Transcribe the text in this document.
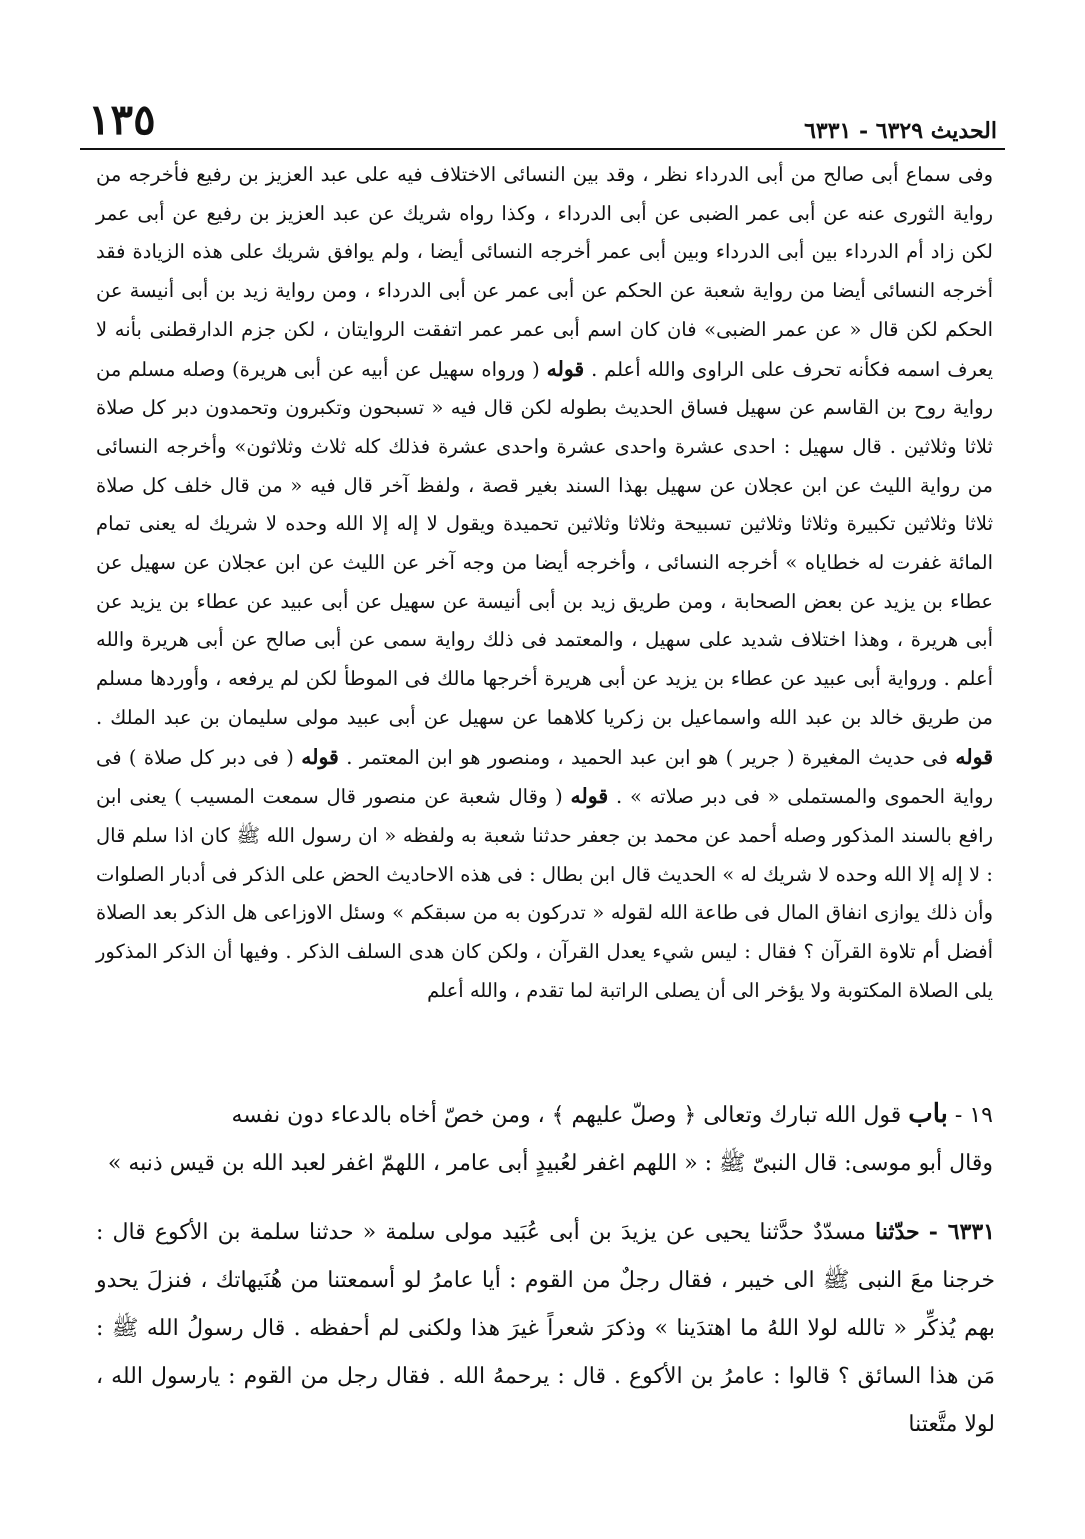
الحديث ٦٣٢٩ - ٦٣٣١
١٣٥

وفى سماع أبى صالح من أبى الدرداء نظر ، وقد بين النسائى الاختلاف فيه على عبد العزيز بن رفيع فأخرجه من رواية الثورى عنه عن أبى عمر الضبى عن أبى الدرداء ، وكذا رواه شريك عن عبد العزيز بن رفيع عن أبى عمر لكن زاد أم الدرداء بين أبى الدرداء وبين أبى عمر أخرجه النسائى أيضا ، ولم يوافق شريك على هذه الزيادة فقد أخرجه النسائى أيضا من رواية شعبة عن الحكم عن أبى عمر عن أبى الدرداء ، ومن رواية زيد بن أبى أنيسة عن الحكم لكن قال « عن عمر الضبى» فان كان اسم أبى عمر عمر اتفقت الروايتان ، لكن جزم الدارقطنى بأنه لا يعرف اسمه فكأنه تحرف على الراوى والله أعلم . قوله ( ورواه سهيل عن أبيه عن أبى هريرة) وصله مسلم من رواية روح بن القاسم عن سهيل فساق الحديث بطوله لكن قال فيه « تسبحون وتكبرون وتحمدون دبر كل صلاة ثلاثا وثلاثين . قال سهيل : احدى عشرة واحدى عشرة واحدى عشرة فذلك كله ثلاث وثلاثون» وأخرجه النسائى من رواية الليث عن ابن عجلان عن سهيل بهذا السند بغير قصة ، ولفظ آخر قال فيه « من قال خلف كل صلاة ثلاثا وثلاثين تكبيرة وثلاثا وثلاثين تسبيحة وثلاثا وثلاثين تحميدة ويقول لا إله إلا الله وحده لا شريك له يعنى تمام المائة غفرت له خطاياه » أخرجه النسائى ، وأخرجه أيضا من وجه آخر عن الليث عن ابن عجلان عن سهيل عن عطاء بن يزيد عن بعض الصحابة ، ومن طريق زيد بن أبى أنيسة عن سهيل عن أبى عبيد عن عطاء بن يزيد عن أبى هريرة ، وهذا اختلاف شديد على سهيل ، والمعتمد فى ذلك رواية سمى عن أبى صالح عن أبى هريرة والله أعلم . ورواية أبى عبيد عن عطاء بن يزيد عن أبى هريرة أخرجها مالك فى الموطأ لكن لم يرفعه ، وأوردها مسلم من طريق خالد بن عبد الله واسماعيل بن زكريا كلاهما عن سهيل عن أبى عبيد مولى سليمان بن عبد الملك . قوله فى حديث المغيرة ( جرير ) هو ابن عبد الحميد ، ومنصور هو ابن المعتمر . قوله ( فى دبر كل صلاة ) فى رواية الحموى والمستملى « فى دبر صلاته » . قوله ( وقال شعبة عن منصور قال سمعت المسيب ) يعنى ابن رافع بالسند المذكور وصله أحمد عن محمد بن جعفر حدثنا شعبة به ولفظه « ان رسول الله ﷺ كان اذا سلم قال : لا إله إلا الله وحده لا شريك له » الحديث قال ابن بطال : فى هذه الاحاديث الحض على الذكر فى أدبار الصلوات وأن ذلك يوازى انفاق المال فى طاعة الله لقوله « تدركون به من سبقكم » وسئل الاوزاعى هل الذكر بعد الصلاة أفضل أم تلاوة القرآن ؟ فقال : ليس شيء يعدل القرآن ، ولكن كان هدى السلف الذكر . وفيها أن الذكر المذكور يلى الصلاة المكتوبة ولا يؤخر الى أن يصلى الراتبة لما تقدم ، والله أعلم

١٩ - باب قول الله تبارك وتعالى ﴿ وصلّ عليهم ﴾ ، ومن خصّ أخاه بالدعاء دون نفسه

وقال أبو موسى: قال النبىّ ﷺ : « اللهم اغفر لعُبيدٍ أبى عامر ، اللهمّ اغفر لعبد الله بن قيس ذنبه »

٦٣٣١ - حدّثنا مسدّدٌ حدَّثنا يحيى عن يزيدَ بن أبى عُبَيد مولى سلمة « حدثنا سلمة بن الأكوع قال : خرجنا معَ النبى ﷺ الى خيبر ، فقال رجلٌ من القوم : أيا عامرُ لو أسمعتنا من هُنَيهاتك ، فنزلَ يحدو بهم يُذكِّر « تالله لولا اللهُ ما اهتدَينا » وذكرَ شعراً غيرَ هذا ولكنى لم أحفظه . قال رسولُ الله ﷺ : مَن هذا السائق ؟ قالوا : عامرُ بن الأكوع . قال : يرحمهُ الله . فقال رجل من القوم : يارسول الله ، لولا متَّعتنا
